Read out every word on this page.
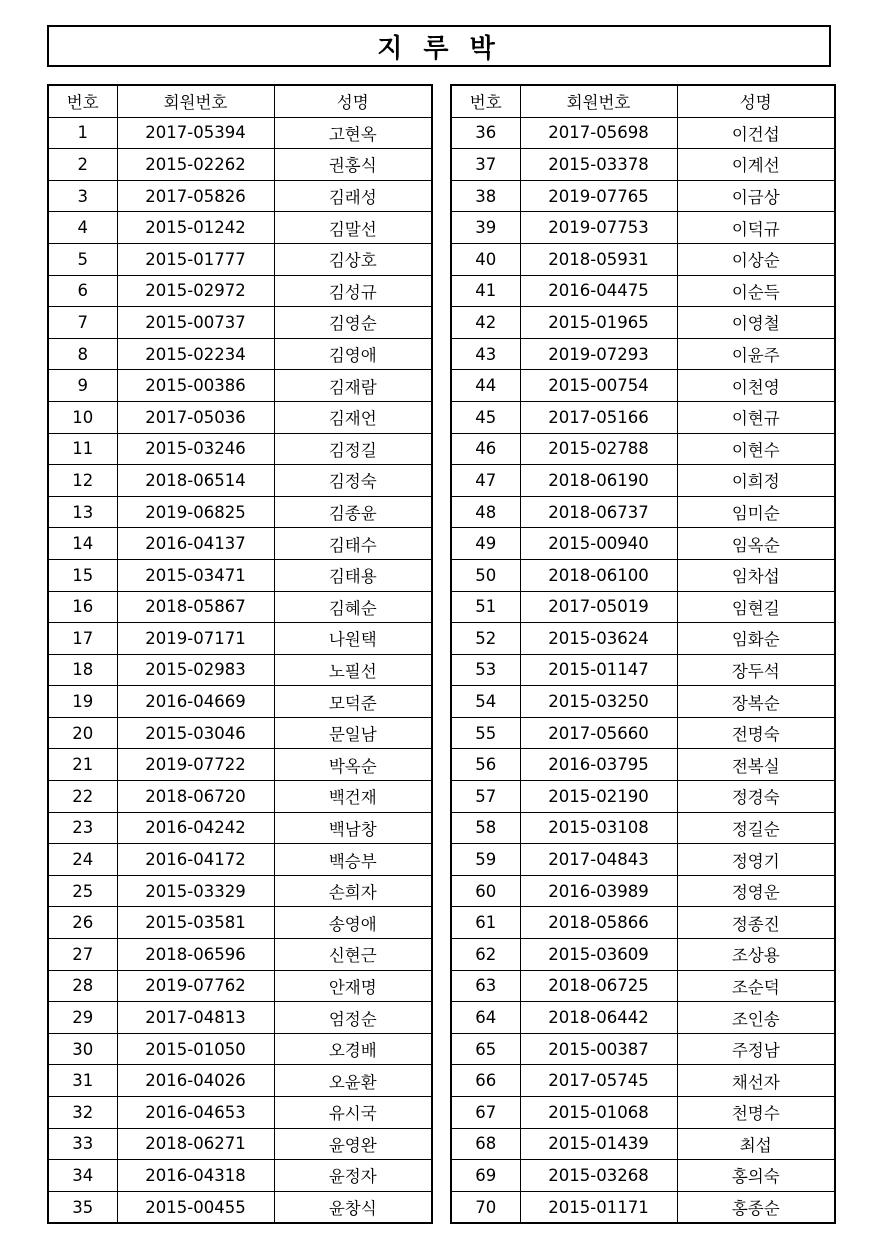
지 루 박
번호	회원번호	성명
1	2017-05394	고현옥
2	2015-02262	권홍식
3	2017-05826	김래성
4	2015-01242	김말선
5	2015-01777	김상호
6	2015-02972	김성규
7	2015-00737	김영순
8	2015-02234	김영애
9	2015-00386	김재람
10	2017-05036	김재언
11	2015-03246	김정길
12	2018-06514	김정숙
13	2019-06825	김종윤
14	2016-04137	김태수
15	2015-03471	김태용
16	2018-05867	김혜순
17	2019-07171	나원택
18	2015-02983	노필선
19	2016-04669	모덕준
20	2015-03046	문일남
21	2019-07722	박옥순
22	2018-06720	백건재
23	2016-04242	백남창
24	2016-04172	백승부
25	2015-03329	손희자
26	2015-03581	송영애
27	2018-06596	신현근
28	2019-07762	안재명
29	2017-04813	엄정순
30	2015-01050	오경배
31	2016-04026	오윤환
32	2016-04653	유시국
33	2018-06271	윤영완
34	2016-04318	윤정자
35	2015-00455	윤창식
번호	회원번호	성명
36	2017-05698	이건섭
37	2015-03378	이계선
38	2019-07765	이금상
39	2019-07753	이덕규
40	2018-05931	이상순
41	2016-04475	이순득
42	2015-01965	이영철
43	2019-07293	이윤주
44	2015-00754	이천영
45	2017-05166	이현규
46	2015-02788	이현수
47	2018-06190	이희정
48	2018-06737	임미순
49	2015-00940	임옥순
50	2018-06100	임차섭
51	2017-05019	임현길
52	2015-03624	임화순
53	2015-01147	장두석
54	2015-03250	장복순
55	2017-05660	전명숙
56	2016-03795	전복실
57	2015-02190	정경숙
58	2015-03108	정길순
59	2017-04843	정영기
60	2016-03989	정영운
61	2018-05866	정종진
62	2015-03609	조상용
63	2018-06725	조순덕
64	2018-06442	조인송
65	2015-00387	주정남
66	2017-05745	채선자
67	2015-01068	천명수
68	2015-01439	최섭
69	2015-03268	홍의숙
70	2015-01171	홍종순
